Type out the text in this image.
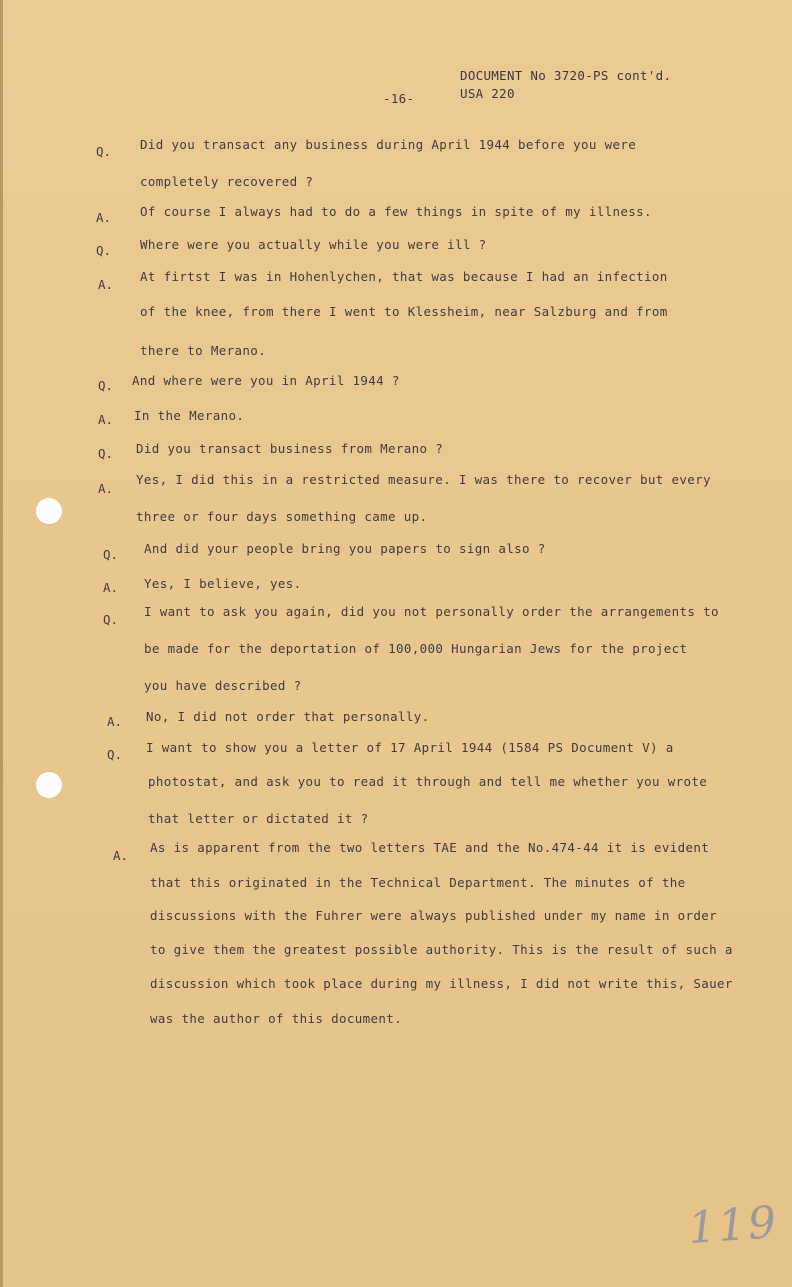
DOCUMENT No 3720-PS cont'd.
USA 220
-16-
Q. Did you transact any business during April 1944 before you were
completely recovered ?
A. Of course I always had to do a few things in spite of my illness.
Q. Where were you actually while you were ill ?
A.
At firtst I was in Hohenlychen, that was because I had an infection
of the knee, from there I went to Klessheim, near Salzburg and from
there to Merano.
Q. And where were you in April 1944 ?
A. In the Merano.
Q. Did you transact business from Merano ?
A.
Yes, I did this in a restricted measure. I was there to recover but every
three or four days something came up.
Q. And did your people bring you papers to sign also ?
A. Yes, I believe, yes.
Q.
I want to ask you again, did you not personally order the arrangements to
be made for the deportation of 100,000 Hungarian Jews for the project
you have described ?
A. No, I did not order that personally.
Q. I want to show you a letter of 17 April 1944 (1584 PS Document V) a
photostat, and ask you to read it through and tell me whether you wrote
that letter or dictated it ?
A.
As is apparent from the two letters TAE and the No.474-44 it is evident
that this originated in the Technical Department. The minutes of the
discussions with the Fuhrer were always published under my name in order
to give them the greatest possible authority. This is the result of such a
discussion which took place during my illness, I did not write this, Sauer
was the author of this document.
119
